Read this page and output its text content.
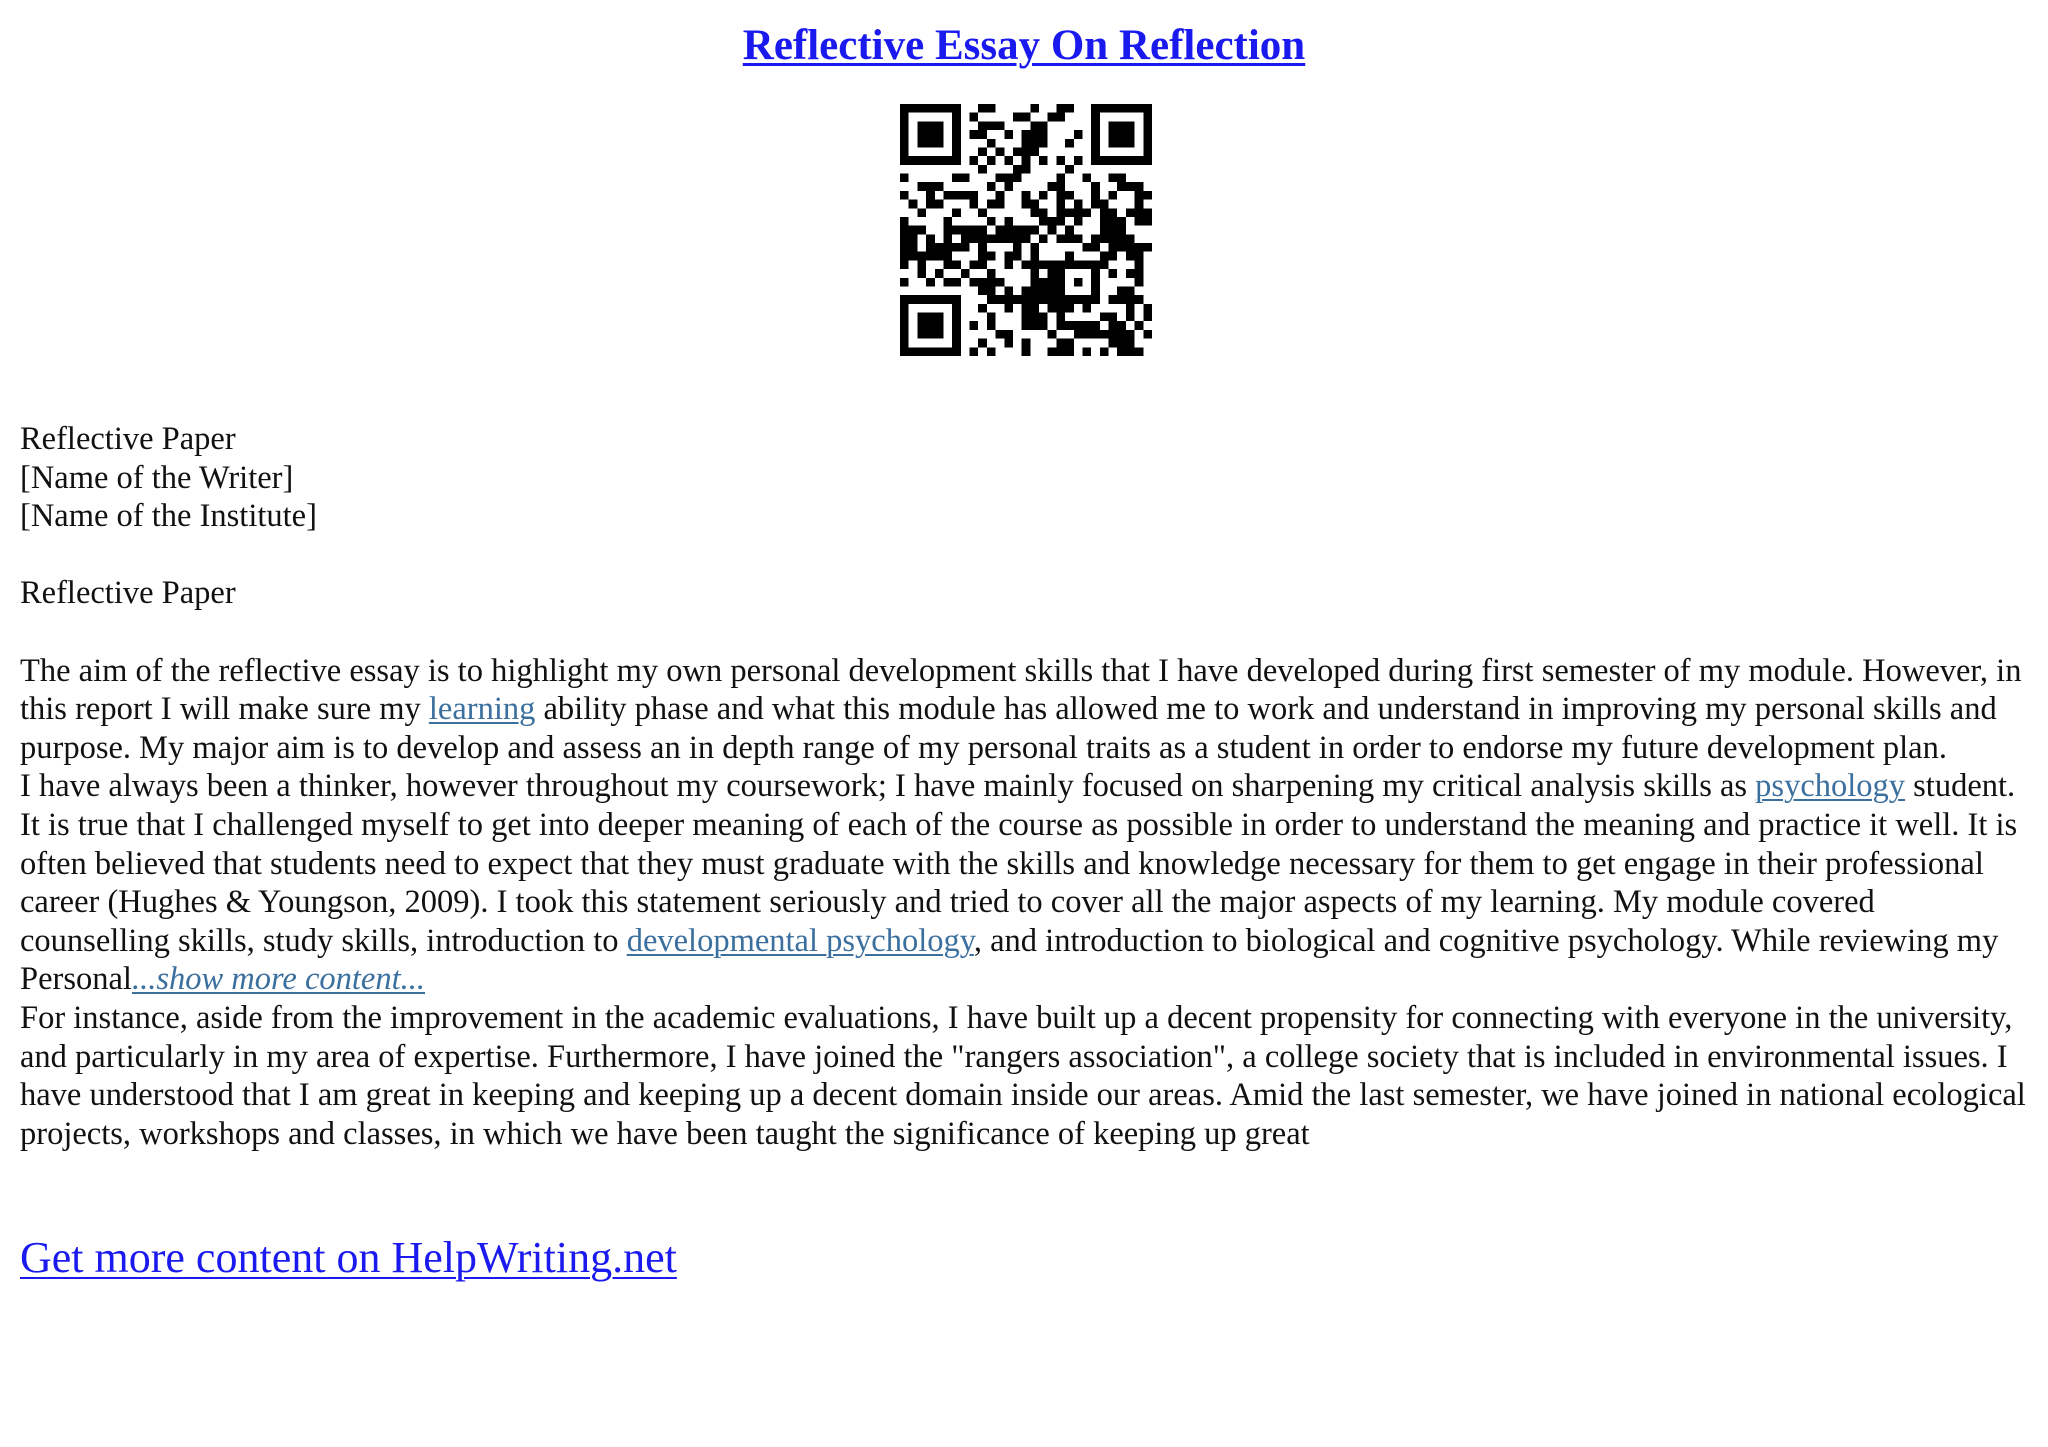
Reflective Essay On Reflection

Reflective Paper

[Name of the Writer]

[Name of the Institute]

Reflective Paper

The aim of the reflective essay is to highlight my own personal development skills that I have developed during first semester of my module. However, in this report I will make sure my learning ability phase and what this module has allowed me to work and understand in improving my personal skills and purpose. My major aim is to develop and assess an in depth range of my personal traits as a student in order to endorse my future development plan.

I have always been a thinker, however throughout my coursework; I have mainly focused on sharpening my critical analysis skills as psychology student. It is true that I challenged myself to get into deeper meaning of each of the course as possible in order to understand the meaning and practice it well. It is often believed that students need to expect that they must graduate with the skills and knowledge necessary for them to get engage in their professional career (Hughes & Youngson, 2009). I took this statement seriously and tried to cover all the major aspects of my learning. My module covered counselling skills, study skills, introduction to developmental psychology, and introduction to biological and cognitive psychology. While reviewing my Personal...show more content...

For instance, aside from the improvement in the academic evaluations, I have built up a decent propensity for connecting with everyone in the university, and particularly in my area of expertise. Furthermore, I have joined the "rangers association", a college society that is included in environmental issues. I have understood that I am great in keeping and keeping up a decent domain inside our areas. Amid the last semester, we have joined in national ecological projects, workshops and classes, in which we have been taught the significance of keeping up great

Get more content on HelpWriting.net
